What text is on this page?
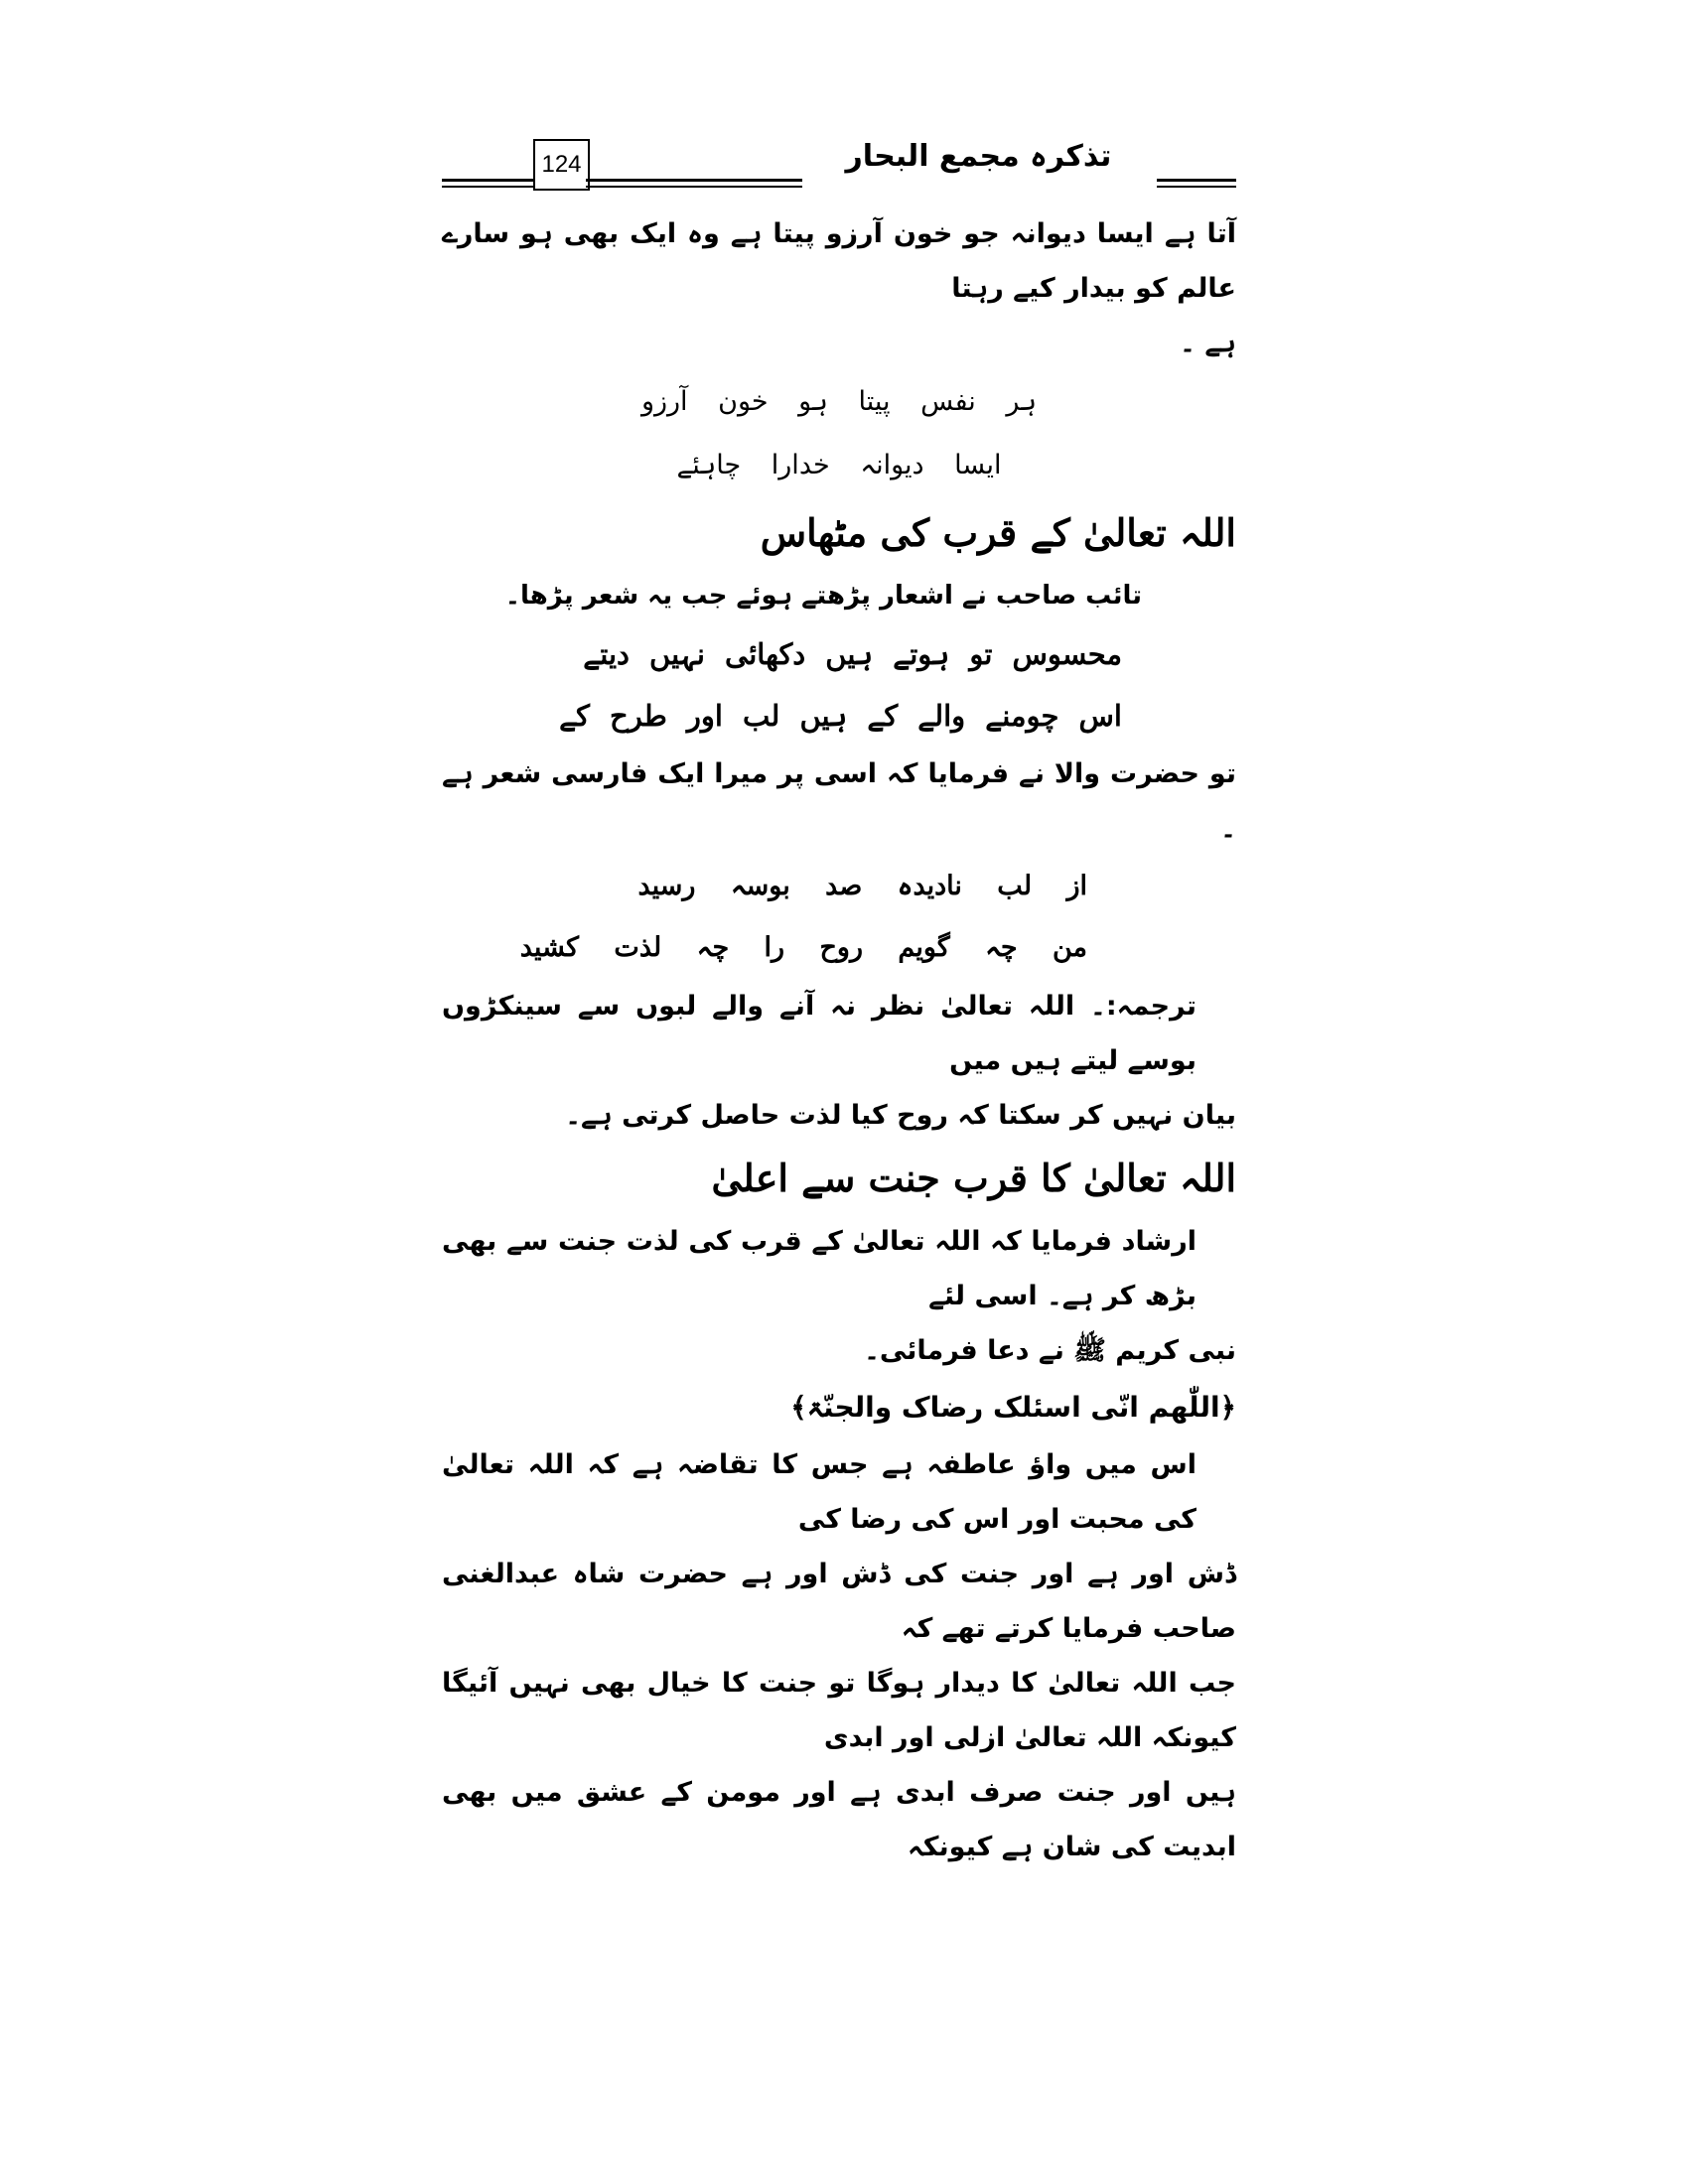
124	تذکرہ مجمع البحار

آتا ہے ایسا دیوانہ جو خون آرزو پیتا ہے وہ ایک بھی ہو سارے عالم کو بیدار کیے رہتا

ہے ۔

ہر نفس پیتا ہو خون آرزو

ایسا دیوانہ خدارا چاہئے

اللہ تعالیٰ کے قرب کی مٹھاس

تائب صاحب نے اشعار پڑھتے ہوئے جب یہ شعر پڑھا۔

محسوس تو ہوتے ہیں دکھائی نہیں دیتے

اس چومنے والے کے ہیں لب اور طرح کے

تو حضرت والا نے فرمایا کہ اسی پر میرا ایک فارسی شعر ہے ۔

از لب نادیدہ صد بوسہ رسید

من چہ گویم روح را چہ لذت کشید

ترجمہ:۔ اللہ تعالیٰ نظر نہ آنے والے لبوں سے سینکڑوں بوسے لیتے ہیں میں

بیان نہیں کر سکتا کہ روح کیا لذت حاصل کرتی ہے۔

اللہ تعالیٰ کا قرب جنت سے اعلیٰ

ارشاد فرمایا کہ اللہ تعالیٰ کے قرب کی لذت جنت سے بھی بڑھ کر ہے۔ اسی لئے

نبی کریم ﷺ نے دعا فرمائی۔

﴿اللّٰھم انّی اسئلک رضاک والجنّۃ﴾

اس میں واؤ عاطفہ ہے جس کا تقاضہ ہے کہ اللہ تعالیٰ کی محبت اور اس کی رضا کی

ڈش اور ہے اور جنت کی ڈش اور ہے حضرت شاہ عبدالغنی صاحب فرمایا کرتے تھے کہ

جب اللہ تعالیٰ کا دیدار ہوگا تو جنت کا خیال بھی نہیں آئیگا کیونکہ اللہ تعالیٰ ازلی اور ابدی

ہیں اور جنت صرف ابدی ہے اور مومن کے عشق میں بھی ابدیت کی شان ہے کیونکہ
